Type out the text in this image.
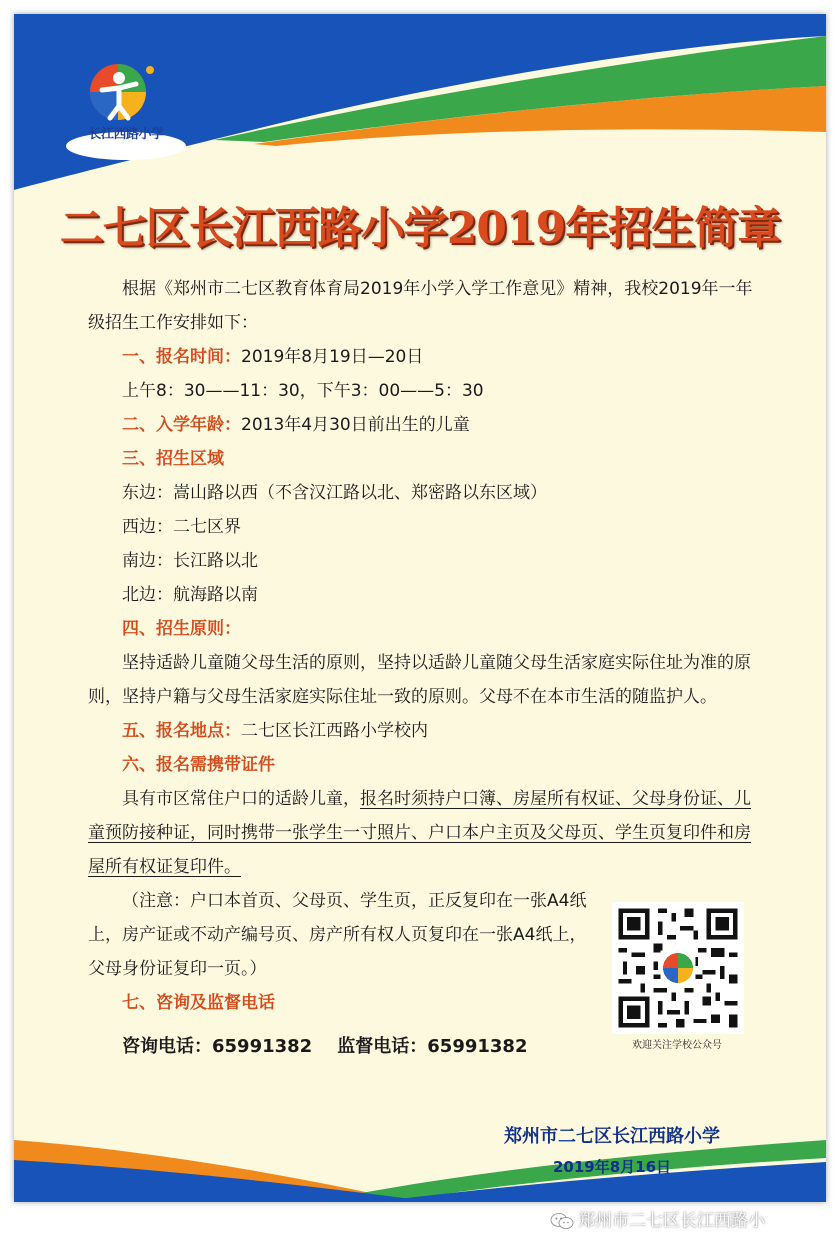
长江西路小学
二七区长江西路小学2019年招生简章

根据《郑州市二七区教育体育局2019年小学入学工作意见》精神，我校2019年一年级招生工作安排如下：

一、报名时间：2019年8月19日—20日

上午8：30——11：30，下午3：00——5：30

二、入学年龄：2013年4月30日前出生的儿童

三、招生区域

东边：嵩山路以西（不含汉江路以北、郑密路以东区域）

西边：二七区界

南边：长江路以北

北边：航海路以南

四、招生原则：

坚持适龄儿童随父母生活的原则，坚持以适龄儿童随父母生活家庭实际住址为准的原则，坚持户籍与父母生活家庭实际住址一致的原则。父母不在本市生活的随监护人。

五、报名地点：二七区长江西路小学校内

六、报名需携带证件

具有市区常住户口的适龄儿童，报名时须持户口簿、房屋所有权证、父母身份证、儿童预防接种证，同时携带一张学生一寸照片、户口本户主页及父母页、学生页复印件和房屋所有权证复印件。

（注意：户口本首页、父母页、学生页，正反复印在一张A4纸上，房产证或不动产编号页、房产所有权人页复印在一张A4纸上，父母身份证复印一页。）

七、咨询及监督电话

咨询电话：65991382 监督电话：65991382	欢迎关注学校公众号
郑州市二七区长江西路小学
2019年8月16日
郑州市二七区长江西路小
